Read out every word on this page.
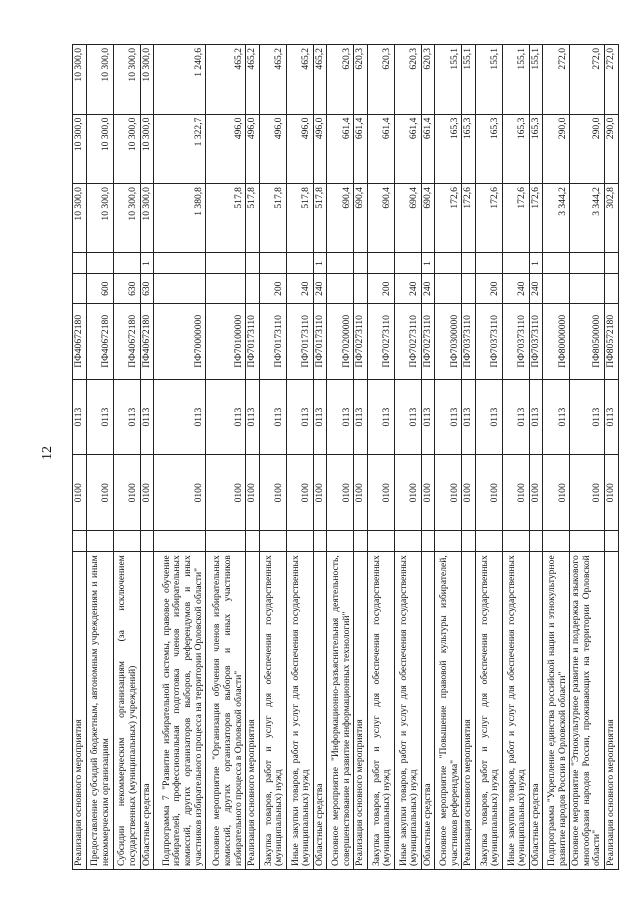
12
Реализация основного мероприятия		0100	0113	ПФ40672180			10 300,0	10 300,0	10 300,0
Предоставление субсидий бюджетным, автономным учреждениям и иным некоммерческим организациям		0100	0113	ПФ40672180	600		10 300,0	10 300,0	10 300,0
Субсидии некоммерческим организациям (за исключением государственных (муниципальных) учреждений)		0100	0113	ПФ40672180	630		10 300,0	10 300,0	10 300,0
Областные средства		0100	0113	ПФ40672180	630	1	10 300,0	10 300,0	10 300,0
Подпрограмма 7 "Развитие избирательной системы, правовое обучение избирателей, профессиональная подготовка членов избирательных комиссий, других организаторов выборов, референдумов и иных участников избирательного процесса на территории Орловской области"		0100	0113	ПФ70000000			1 380,8	1 322,7	1 240,6
Основное мероприятие "Организация обучения членов избирательных комиссий, других организаторов выборов и иных участников избирательного процесса в Орловской области"		0100	0113	ПФ70100000			517,8	496,0	465,2
Реализация основного мероприятия		0100	0113	ПФ70173110			517,8	496,0	465,2
Закупка товаров, работ и услуг для обеспечения государственных (муниципальных) нужд		0100	0113	ПФ70173110	200		517,8	496,0	465,2
Иные закупки товаров, работ и услуг для обеспечения государственных (муниципальных) нужд		0100	0113	ПФ70173110	240		517,8	496,0	465,2
Областные средства		0100	0113	ПФ70173110	240	1	517,8	496,0	465,2
Основное мероприятие "Информационно-разъяснительная деятельность, совершенствование и развитие информационных технологий"		0100	0113	ПФ70200000			690,4	661,4	620,3
Реализация основного мероприятия		0100	0113	ПФ70273110			690,4	661,4	620,3
Закупка товаров, работ и услуг для обеспечения государственных (муниципальных) нужд		0100	0113	ПФ70273110	200		690,4	661,4	620,3
Иные закупки товаров, работ и услуг для обеспечения государственных (муниципальных) нужд		0100	0113	ПФ70273110	240		690,4	661,4	620,3
Областные средства		0100	0113	ПФ70273110	240	1	690,4	661,4	620,3
Основное мероприятие "Повышение правовой культуры избирателей, участников референдума"		0100	0113	ПФ70300000			172,6	165,3	155,1
Реализация основного мероприятия		0100	0113	ПФ70373110			172,6	165,3	155,1
Закупка товаров, работ и услуг для обеспечения государственных (муниципальных) нужд		0100	0113	ПФ70373110	200		172,6	165,3	155,1
Иные закупки товаров, работ и услуг для обеспечения государственных (муниципальных) нужд		0100	0113	ПФ70373110	240		172,6	165,3	155,1
Областные средства		0100	0113	ПФ70373110	240	1	172,6	165,3	155,1
Подпрограмма "Укрепление единства российской нации и этнокультурное развитие народов России в Орловской области"		0100	0113	ПФ80000000			3 344,2	290,0	272,0
Основное мероприятие "Этнокультурное развитие и поддержка языкового многообразия народов России, проживающих на территории Орловской области"		0100	0113	ПФ80500000			3 344,2	290,0	272,0
Реализация основного мероприятия		0100	0113	ПФ80572180			302,8	290,0	272,0
